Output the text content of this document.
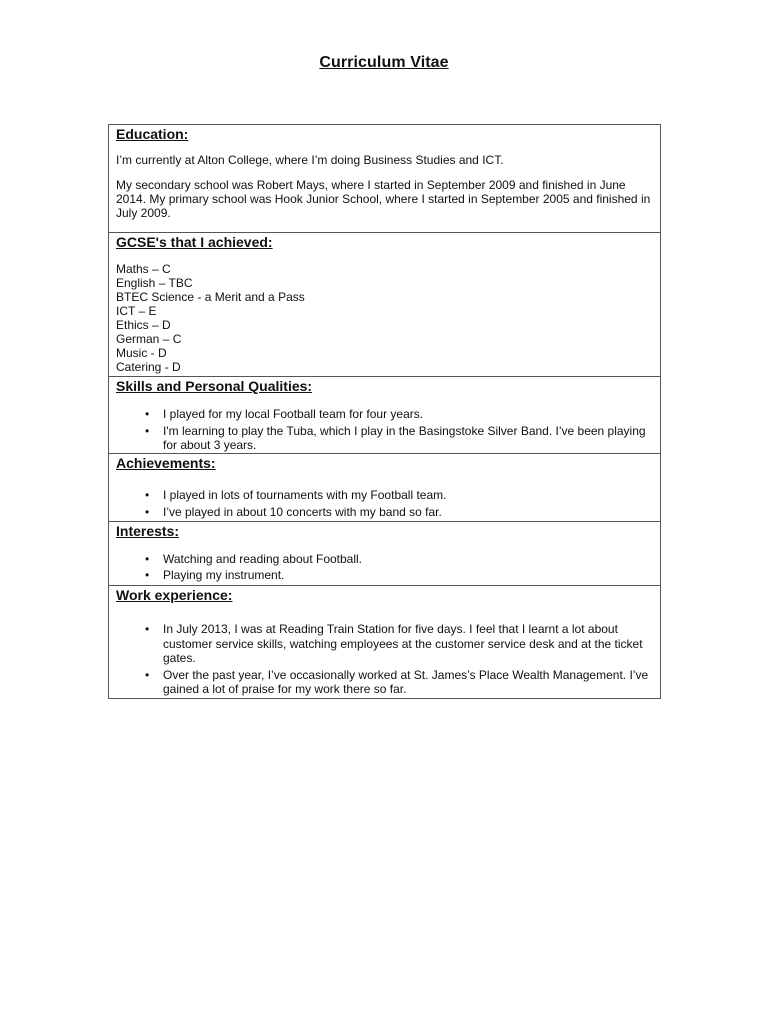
Curriculum Vitae
Education:

I’m currently at Alton College, where I’m doing Business Studies and ICT.

My secondary school was Robert Mays, where I started in September 2009 and finished in June 2014. My primary school was Hook Junior School, where I started in September 2005 and finished in July 2009.

GCSE's that I achieved:
Maths – C
English – TBC
BTEC Science - a Merit and a Pass
ICT – E
Ethics – D
German – C
Music - D
Catering - D
Skills and Personal Qualities:
• I played for my local Football team for four years.
• I'm learning to play the Tuba, which I play in the Basingstoke Silver Band. I’ve been playing for about 3 years.
Achievements:
• I played in lots of tournaments with my Football team.
• I’ve played in about 10 concerts with my band so far.
Interests:
• Watching and reading about Football.
• Playing my instrument.
Work experience:
• In July 2013, I was at Reading Train Station for five days. I feel that I learnt a lot about customer service skills, watching employees at the customer service desk and at the ticket gates.
• Over the past year, I’ve occasionally worked at St. James’s Place Wealth Management. I’ve gained a lot of praise for my work there so far.
